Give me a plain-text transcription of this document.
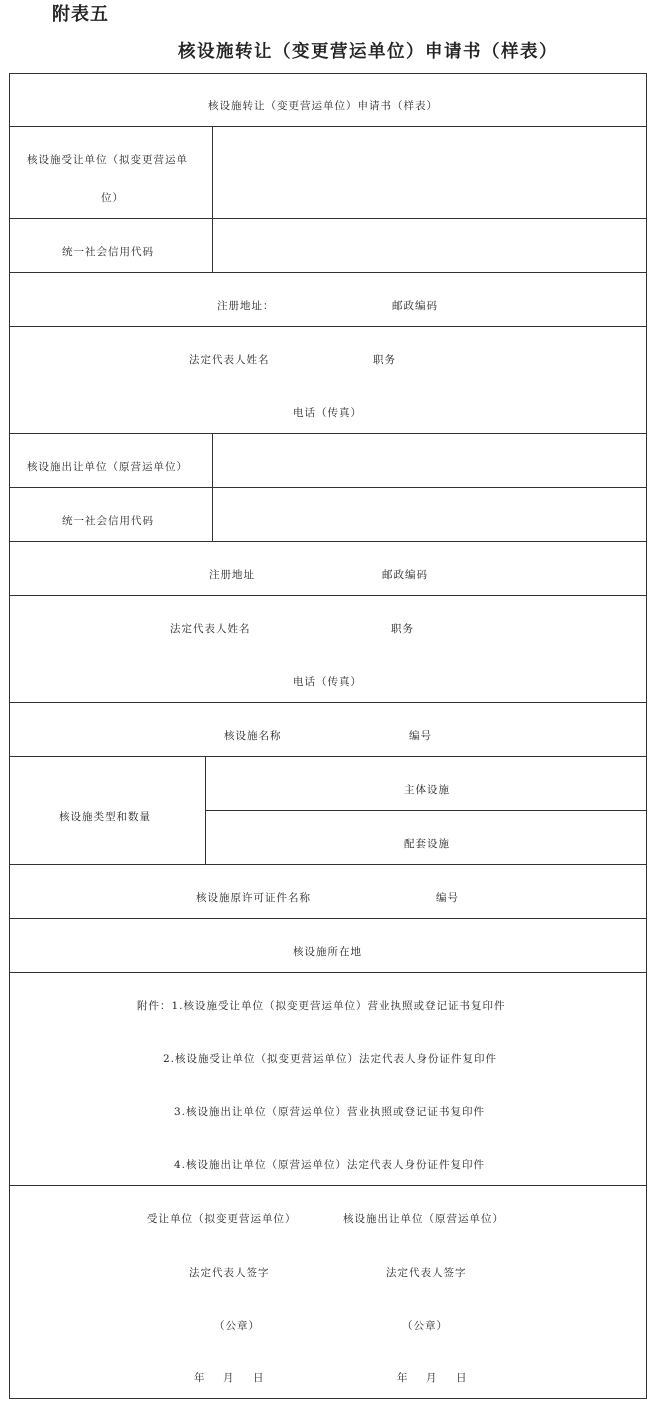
附表五
核设施转让（变更营运单位）申请书（样表）
核设施转让（变更营运单位）申请书（样表）
核设施受让单位（拟变更营运单
位）
统一社会信用代码
注册地址：	邮政编码
法定代表人姓名	职务
电话（传真）
核设施出让单位（原营运单位）
统一社会信用代码
注册地址	邮政编码
法定代表人姓名	职务
电话（传真）
核设施名称	编号
核设施类型和数量
主体设施
配套设施
核设施原许可证件名称	编号
核设施所在地
附件：1.核设施受让单位（拟变更营运单位）营业执照或登记证书复印件
2.核设施受让单位（拟变更营运单位）法定代表人身份证件复印件
3.核设施出让单位（原营运单位）营业执照或登记证书复印件
4.核设施出让单位（原营运单位）法定代表人身份证件复印件
受让单位（拟变更营运单位）	核设施出让单位（原营运单位）
法定代表人签字	法定代表人签字
（公章）	（公章）
年 月 日	年 月 日
